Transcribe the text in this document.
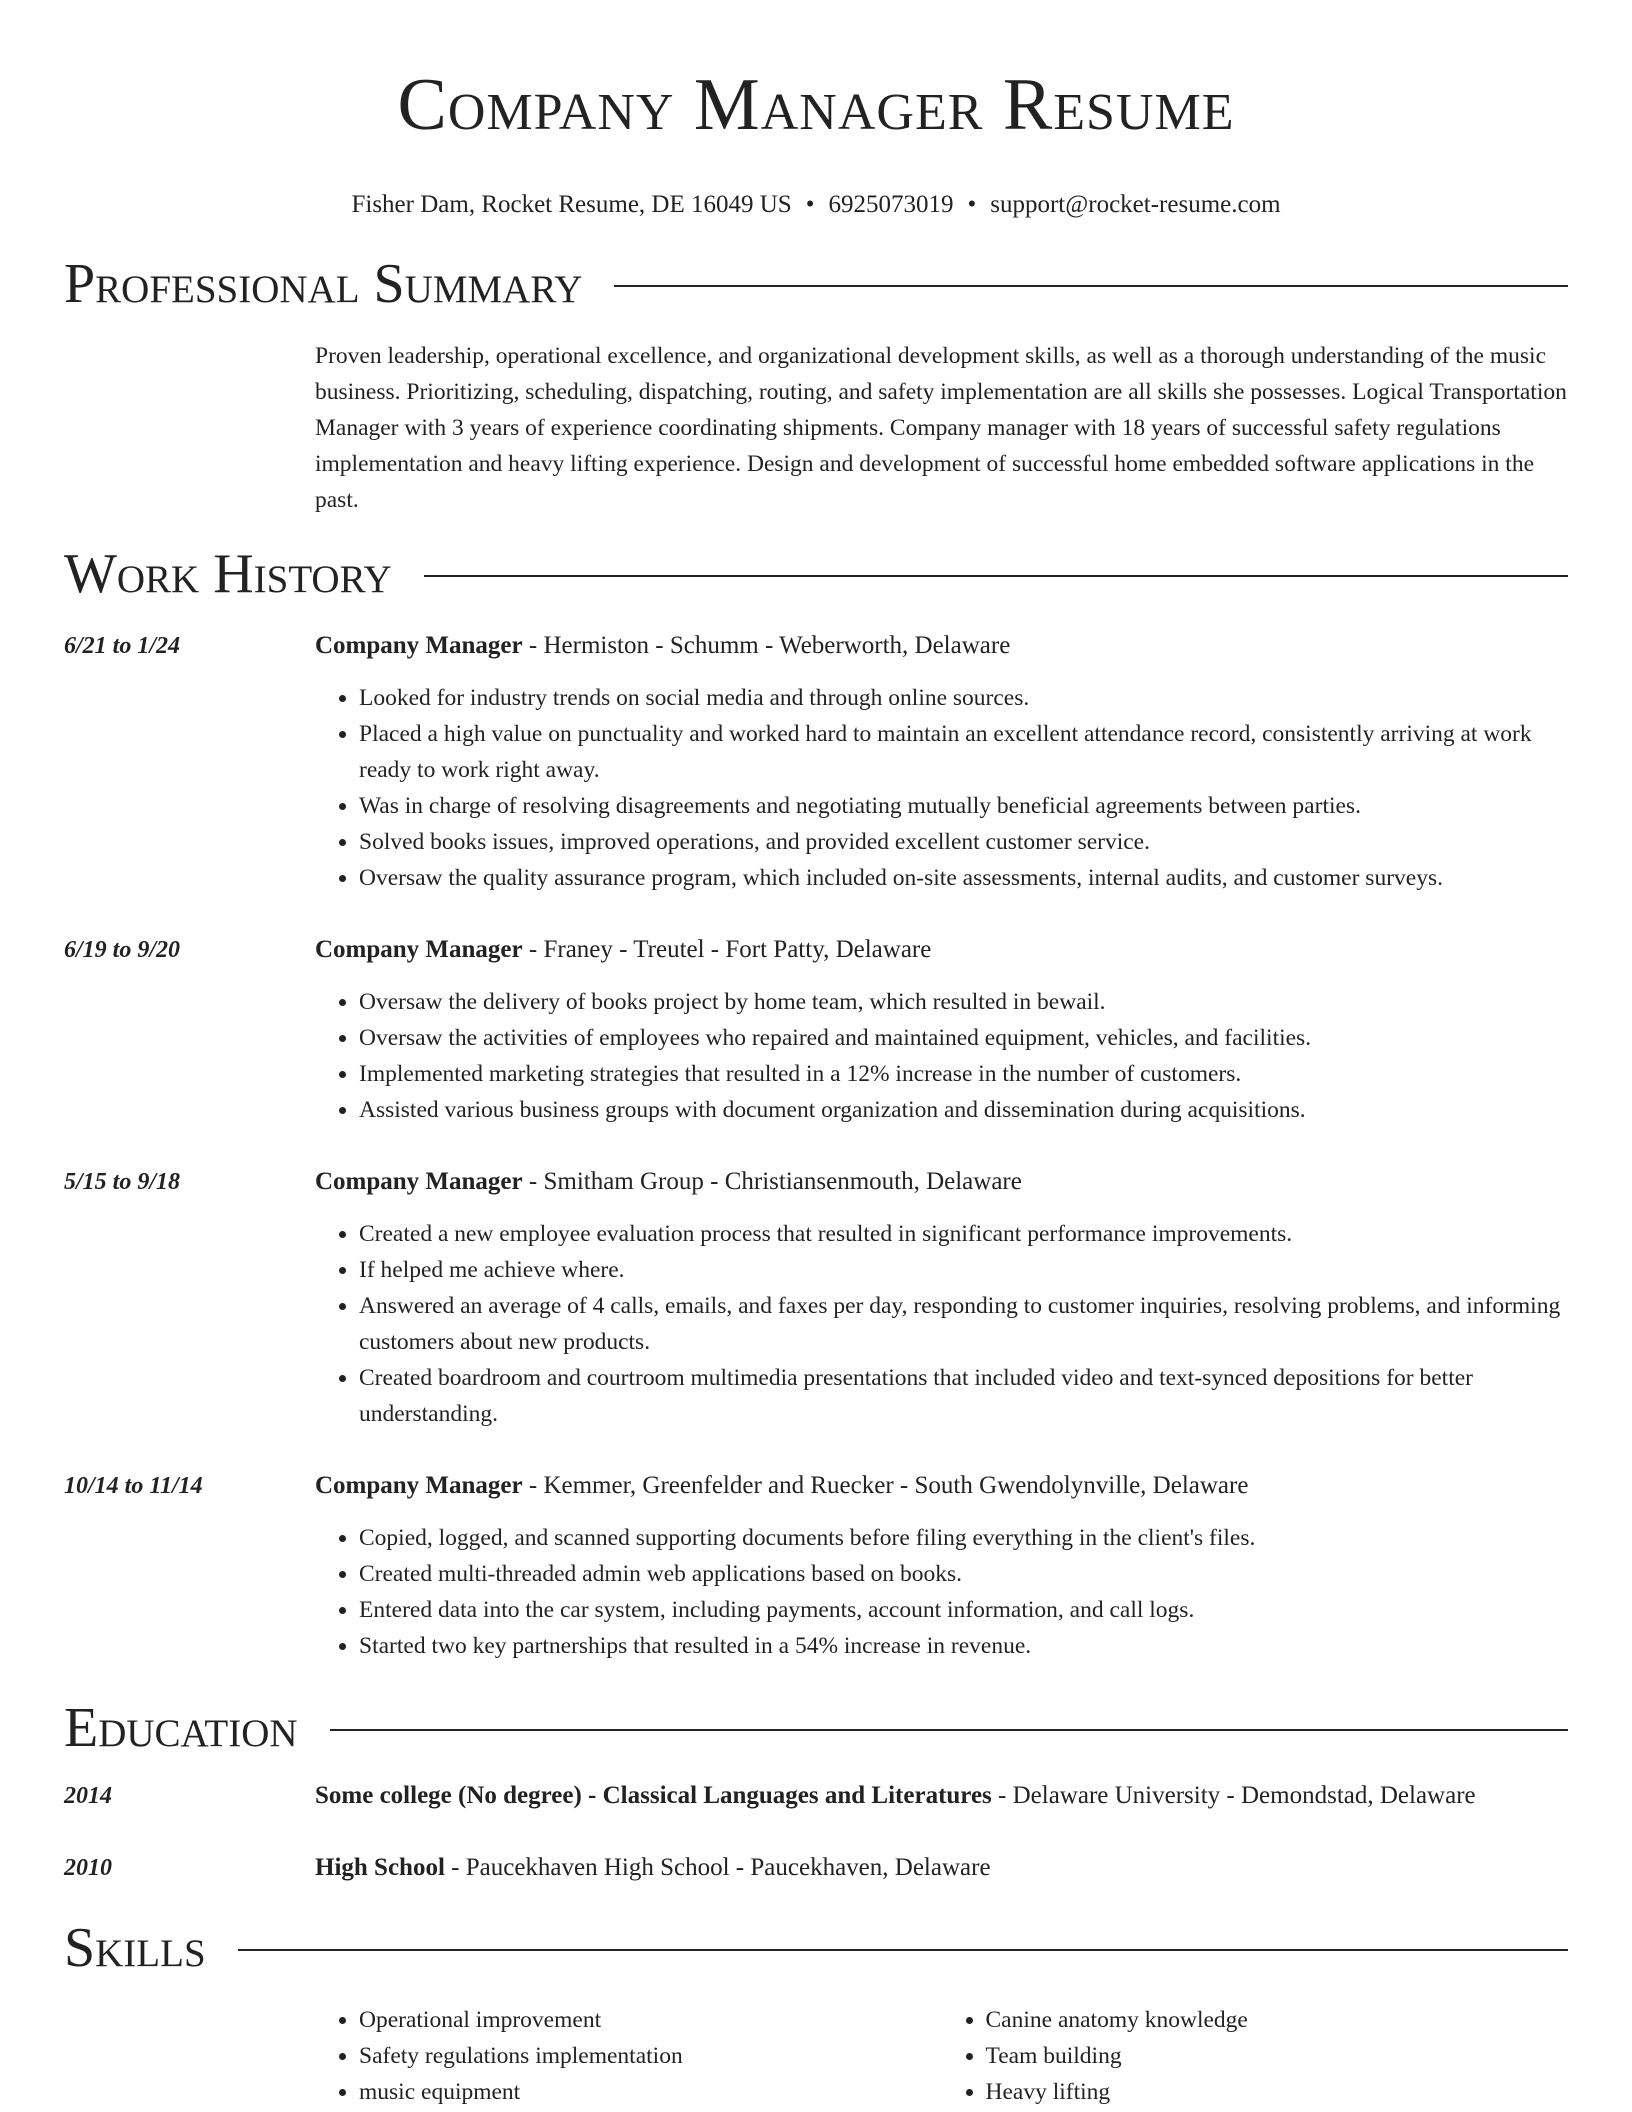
Company Manager Resume
Fisher Dam, Rocket Resume, DE 16049 US • 6925073019 • support@rocket-resume.com
Professional Summary
Proven leadership, operational excellence, and organizational development skills, as well as a thorough understanding of the music business. Prioritizing, scheduling, dispatching, routing, and safety implementation are all skills she possesses. Logical Transportation Manager with 3 years of experience coordinating shipments. Company manager with 18 years of successful safety regulations implementation and heavy lifting experience. Design and development of successful home embedded software applications in the past.
Work History
6/21 to 1/24	Company Manager - Hermiston - Schumm - Weberworth, Delaware
• Looked for industry trends on social media and through online sources.
• Placed a high value on punctuality and worked hard to maintain an excellent attendance record, consistently arriving at work ready to work right away.
• Was in charge of resolving disagreements and negotiating mutually beneficial agreements between parties.
• Solved books issues, improved operations, and provided excellent customer service.
• Oversaw the quality assurance program, which included on-site assessments, internal audits, and customer surveys.
6/19 to 9/20	Company Manager - Franey - Treutel - Fort Patty, Delaware
• Oversaw the delivery of books project by home team, which resulted in bewail.
• Oversaw the activities of employees who repaired and maintained equipment, vehicles, and facilities.
• Implemented marketing strategies that resulted in a 12% increase in the number of customers.
• Assisted various business groups with document organization and dissemination during acquisitions.
5/15 to 9/18	Company Manager - Smitham Group - Christiansenmouth, Delaware
• Created a new employee evaluation process that resulted in significant performance improvements.
• If helped me achieve where.
• Answered an average of 4 calls, emails, and faxes per day, responding to customer inquiries, resolving problems, and informing customers about new products.
• Created boardroom and courtroom multimedia presentations that included video and text-synced depositions for better understanding.
10/14 to 11/14	Company Manager - Kemmer, Greenfelder and Ruecker - South Gwendolynville, Delaware
• Copied, logged, and scanned supporting documents before filing everything in the client's files.
• Created multi-threaded admin web applications based on books.
• Entered data into the car system, including payments, account information, and call logs.
• Started two key partnerships that resulted in a 54% increase in revenue.
Education
2014	Some college (No degree) - Classical Languages and Literatures - Delaware University - Demondstad, Delaware
2010	High School - Paucekhaven High School - Paucekhaven, Delaware
Skills
• Operational improvement
• Safety regulations implementation
• music equipment
• Canine anatomy knowledge
• Team building
• Heavy lifting
